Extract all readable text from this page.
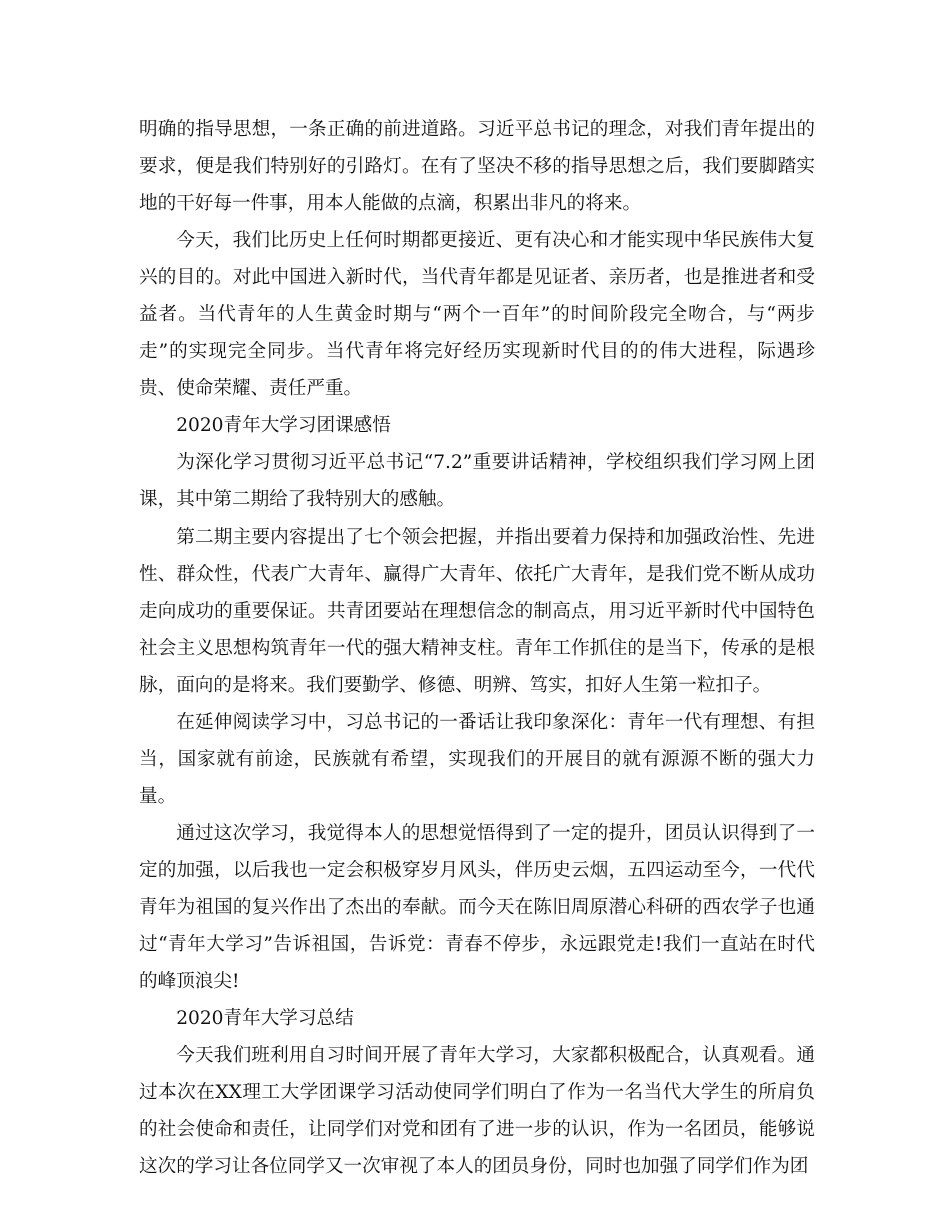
明确的指导思想，一条正确的前进道路。习近平总书记的理念，对我们青年提出的要求，便是我们特别好的引路灯。在有了坚决不移的指导思想之后，我们要脚踏实地的干好每一件事，用本人能做的点滴，积累出非凡的将来。

今天，我们比历史上任何时期都更接近、更有决心和才能实现中华民族伟大复兴的目的。对此中国进入新时代，当代青年都是见证者、亲历者，也是推进者和受益者。当代青年的人生黄金时期与“两个一百年”的时间阶段完全吻合，与“两步走”的实现完全同步。当代青年将完好经历实现新时代目的的伟大进程，际遇珍贵、使命荣耀、责任严重。

2020青年大学习团课感悟

为深化学习贯彻习近平总书记“7.2”重要讲话精神，学校组织我们学习网上团课，其中第二期给了我特别大的感触。

第二期主要内容提出了七个领会把握，并指出要着力保持和加强政治性、先进性、群众性，代表广大青年、赢得广大青年、依托广大青年，是我们党不断从成功走向成功的重要保证。共青团要站在理想信念的制高点，用习近平新时代中国特色社会主义思想构筑青年一代的强大精神支柱。青年工作抓住的是当下，传承的是根脉，面向的是将来。我们要勤学、修德、明辨、笃实，扣好人生第一粒扣子。

在延伸阅读学习中，习总书记的一番话让我印象深化：青年一代有理想、有担当，国家就有前途，民族就有希望，实现我们的开展目的就有源源不断的强大力量。

通过这次学习，我觉得本人的思想觉悟得到了一定的提升，团员认识得到了一定的加强，以后我也一定会积极穿岁月风头，伴历史云烟，五四运动至今，一代代青年为祖国的复兴作出了杰出的奉献。而今天在陈旧周原潜心科研的西农学子也通过“青年大学习”告诉祖国，告诉党：青春不停步，永远跟党走!我们一直站在时代的峰顶浪尖!

2020青年大学习总结

今天我们班利用自习时间开展了青年大学习，大家都积极配合，认真观看。通过本次在XX理工大学团课学习活动使同学们明白了作为一名当代大学生的所肩负的社会使命和责任，让同学们对党和团有了进一步的认识，作为一名团员，能够说这次的学习让各位同学又一次审视了本人的团员身份，同时也加强了同学们作为团
